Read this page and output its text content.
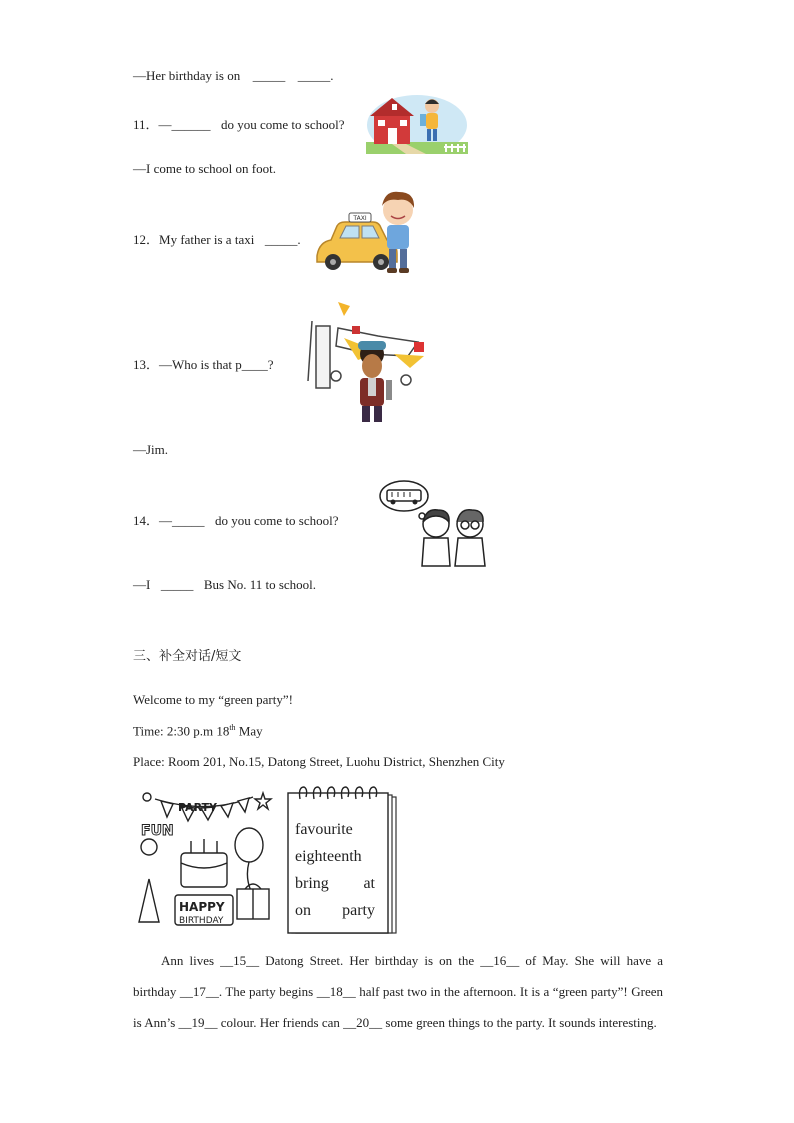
—Her birthday is on _____ _____.
11．—______ do you come to school?
—I come to school on foot.
12．My father is a taxi _____.
TAXI
13．—Who is that p____?
—Jim.
14．—_____ do you come to school?
—I _____ Bus No. 11 to school.
三、补全对话/短文
Welcome to my “green party”!
Time: 2:30 p.m 18th May
Place: Room 201, No.15, Datong Street, Luohu District, Shenzhen City
PARTY
FUN
HAPPY
BIRTHDAY
favourite
eighteenth
bring at
on party
Ann lives __15__ Datong Street. Her birthday is on the __16__ of May. She will have a birthday __17__. The party begins __18__ half past two in the afternoon. It is a “green party”! Green is Ann’s __19__ colour. Her friends can __20__ some green things to the party. It sounds interesting.
